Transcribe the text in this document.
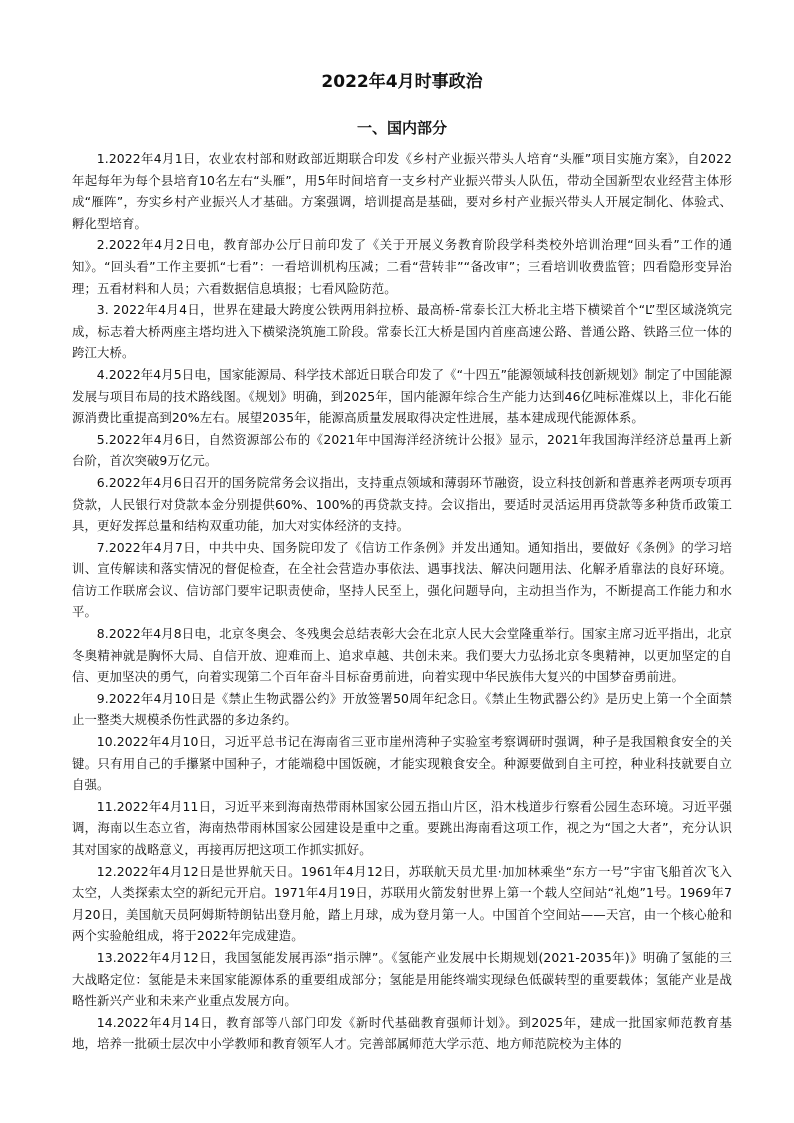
2022年4月时事政治
一、国内部分

1.2022年4月1日，农业农村部和财政部近期联合印发《乡村产业振兴带头人培育“头雁”项目实施方案》，自2022年起每年为每个县培育10名左右“头雁”，用5年时间培育一支乡村产业振兴带头人队伍，带动全国新型农业经营主体形成“雁阵”，夯实乡村产业振兴人才基础。方案强调，培训提高是基础，要对乡村产业振兴带头人开展定制化、体验式、孵化型培育。

2.2022年4月2日电，教育部办公厅日前印发了《关于开展义务教育阶段学科类校外培训治理“回头看”工作的通知》。“回头看”工作主要抓“七看”：一看培训机构压减；二看“营转非”“备改审”；三看培训收费监管；四看隐形变异治理；五看材料和人员；六看数据信息填报；七看风险防范。

3. 2022年4月4日，世界在建最大跨度公铁两用斜拉桥、最高桥-常泰长江大桥北主塔下横梁首个“L”型区域浇筑完成，标志着大桥两座主塔均进入下横梁浇筑施工阶段。常泰长江大桥是国内首座高速公路、普通公路、铁路三位一体的跨江大桥。

4.2022年4月5日电，国家能源局、科学技术部近日联合印发了《“十四五”能源领域科技创新规划》制定了中国能源发展与项目布局的技术路线图。《规划》明确，到2025年，国内能源年综合生产能力达到46亿吨标准煤以上，非化石能源消费比重提高到20%左右。展望2035年，能源高质量发展取得决定性进展，基本建成现代能源体系。

5.2022年4月6日，自然资源部公布的《2021年中国海洋经济统计公报》显示，2021年我国海洋经济总量再上新台阶，首次突破9万亿元。

6.2022年4月6日召开的国务院常务会议指出，支持重点领域和薄弱环节融资，设立科技创新和普惠养老两项专项再贷款，人民银行对贷款本金分别提供60%、100%的再贷款支持。会议指出，要适时灵活运用再贷款等多种货币政策工具，更好发挥总量和结构双重功能，加大对实体经济的支持。

7.2022年4月7日，中共中央、国务院印发了《信访工作条例》并发出通知。通知指出，要做好《条例》的学习培训、宣传解读和落实情况的督促检查，在全社会营造办事依法、遇事找法、解决问题用法、化解矛盾靠法的良好环境。信访工作联席会议、信访部门要牢记职责使命，坚持人民至上，强化问题导向，主动担当作为，不断提高工作能力和水平。

8.2022年4月8日电，北京冬奥会、冬残奥会总结表彰大会在北京人民大会堂隆重举行。国家主席习近平指出，北京冬奥精神就是胸怀大局、自信开放、迎难而上、追求卓越、共创未来。我们要大力弘扬北京冬奥精神，以更加坚定的自信、更加坚决的勇气，向着实现第二个百年奋斗目标奋勇前进，向着实现中华民族伟大复兴的中国梦奋勇前进。

9.2022年4月10日是《禁止生物武器公约》开放签署50周年纪念日。《禁止生物武器公约》是历史上第一个全面禁止一整类大规模杀伤性武器的多边条约。

10.2022年4月10日，习近平总书记在海南省三亚市崖州湾种子实验室考察调研时强调，种子是我国粮食安全的关键。只有用自己的手攥紧中国种子，才能端稳中国饭碗，才能实现粮食安全。种源要做到自主可控，种业科技就要自立自强。

11.2022年4月11日，习近平来到海南热带雨林国家公园五指山片区，沿木栈道步行察看公园生态环境。习近平强调，海南以生态立省，海南热带雨林国家公园建设是重中之重。要跳出海南看这项工作，视之为“国之大者”，充分认识其对国家的战略意义，再接再厉把这项工作抓实抓好。

12.2022年4月12日是世界航天日。1961年4月12日，苏联航天员尤里·加加林乘坐“东方一号”宇宙飞船首次飞入太空，人类探索太空的新纪元开启。1971年4月19日，苏联用火箭发射世界上第一个载人空间站“礼炮”1号。1969年7月20日，美国航天员阿姆斯特朗钻出登月舱，踏上月球，成为登月第一人。中国首个空间站——天宫，由一个核心舱和两个实验舱组成，将于2022年完成建造。

13.2022年4月12日，我国氢能发展再添“指示牌”。《氢能产业发展中长期规划(2021-2035年)》明确了氢能的三大战略定位：氢能是未来国家能源体系的重要组成部分；氢能是用能终端实现绿色低碳转型的重要载体；氢能产业是战略性新兴产业和未来产业重点发展方向。

14.2022年4月14日，教育部等八部门印发《新时代基础教育强师计划》。到2025年，建成一批国家师范教育基地，培养一批硕士层次中小学教师和教育领军人才。完善部属师范大学示范、地方师范院校为主体的
